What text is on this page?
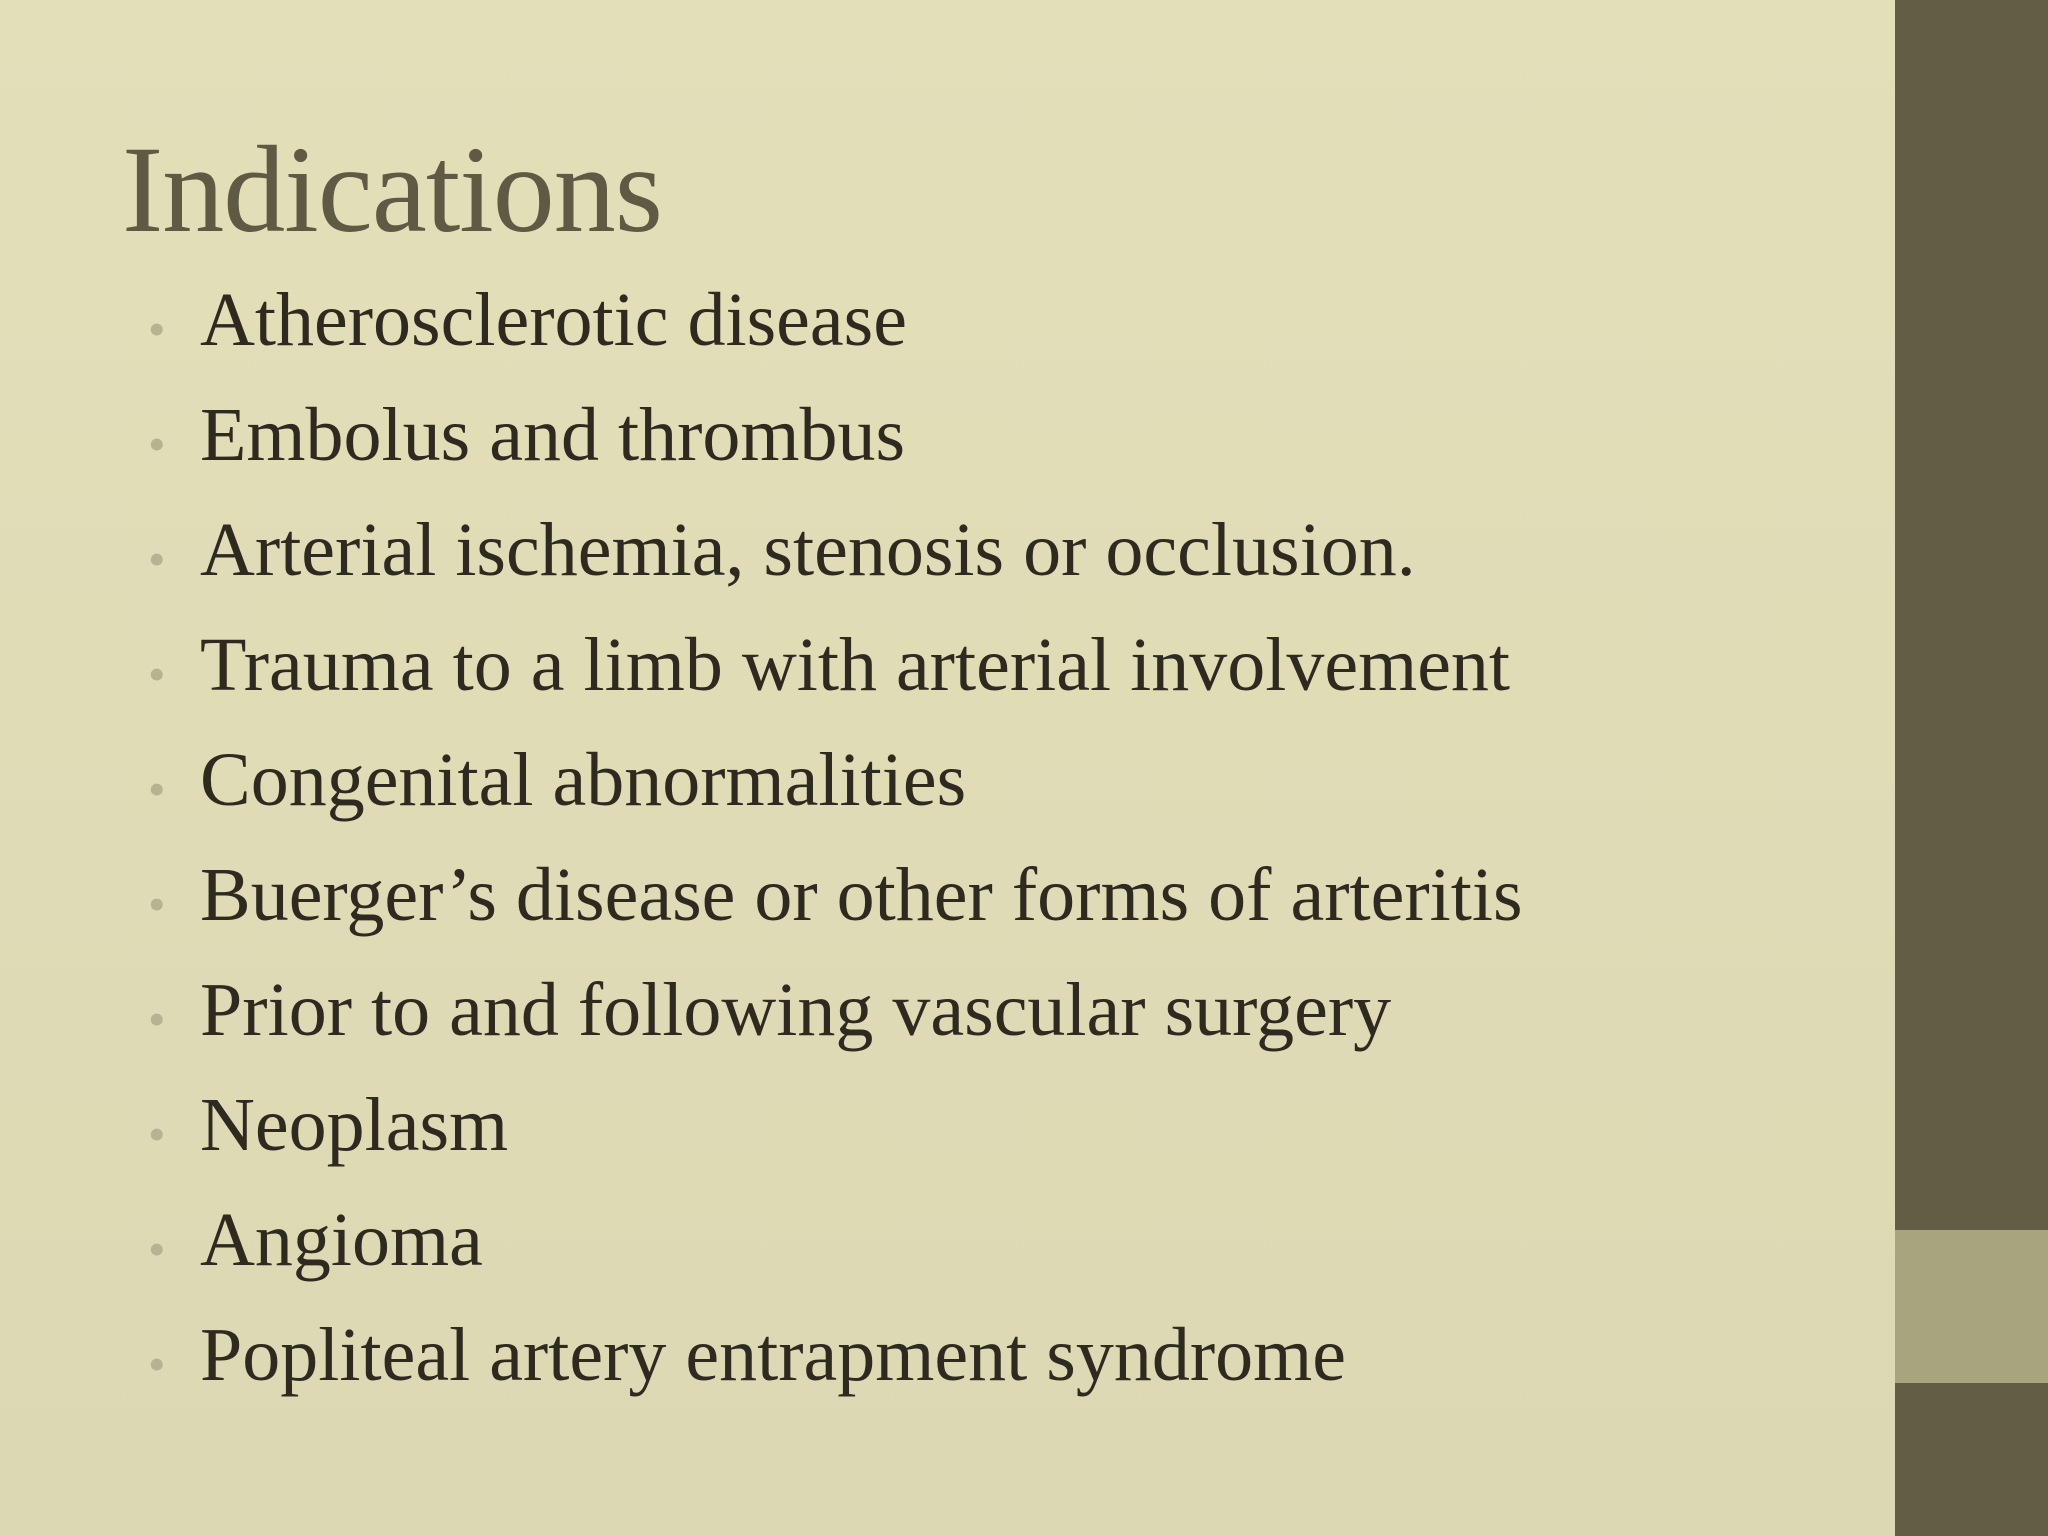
Indications
• Atherosclerotic disease
• Embolus and thrombus
• Arterial ischemia, stenosis or occlusion.
• Trauma to a limb with arterial involvement
• Congenital abnormalities
• Buerger’s disease or other forms of arteritis
• Prior to and following vascular surgery
• Neoplasm
• Angioma
• Popliteal artery entrapment syndrome
